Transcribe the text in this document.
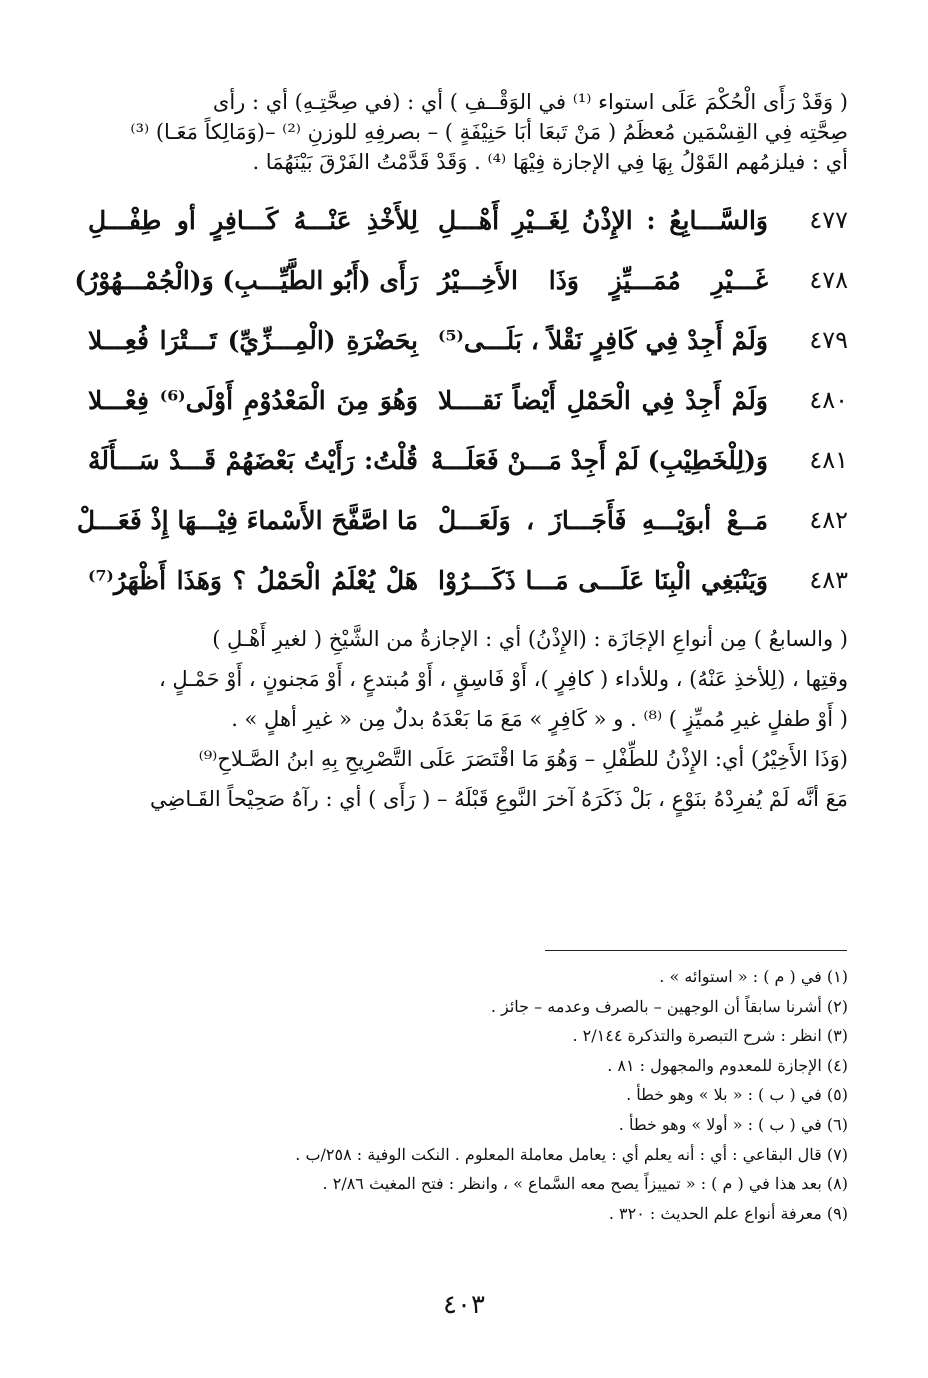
( وَقَدْ رَأَى الْحُكْمَ عَلَى استواء ⁽¹⁾ في الوَقْــفِ ) أي : (في صِحَّتِـهِ) أي : رأى
صِحَّتِه فِي القِسْمَين مُعظَمُ ( مَنْ تَبعَا أبَا حَنِيْفَةٍ ) – بصرفِهِ للوزنِ ⁽²⁾ –(وَمَالِكاً مَعَـا) ⁽³⁾
أي : فيلزمُهم القَوْلُ بِهَا فِي الإجازة فِيْهَا ⁽⁴⁾ . وَقَدْ قَدَّمْتُ الفَرْقَ بَيْنَهُمَا .
٤٧٧
وَالسَّـــابِعُ : الإِذْنُ لِغَــيْرِ أَهْـــلِ
لِلأَخْذِ عَنْـــهُ كَـــافِرٍ أو طِفْـــلِ
٤٧٨
غَـــيْرِ مُمَـــيِّزٍ وَذَا الأَخِـــيْرُ
رَأَى (أَبُو الطَّيِّـــبِ) وَ(الْجُمْـــهُوْرُ)
٤٧٩
وَلَمْ أَجِدْ فِي كَافِرٍ نَقْلاً ، بَلَـــى⁽⁵⁾
بِحَضْرَةِ (الْمِـــزِّيِّ) تَـــتْرَا فُعِـــلا
٤٨٠
وَلَمْ أَجِدْ فِي الْحَمْلِ أَيْضاً نَقــــلا
وَهُوَ مِنَ الْمَعْدُوْمِ أَوْلَى⁽⁶⁾ فِعْـــلا
٤٨١
وَ(لِلْخَطِيْبِ) لَمْ أَجِدْ مَـــنْ فَعَلَـــهْ
قُلْتُ: رَأَيْتُ بَعْضَهُمْ قَـــدْ سَـــأَلَهْ
٤٨٢
مَــعْ أبوَيْـــهِ فَأَجَـــازَ ، وَلَعَـــلْ
مَا اصَّفَّحَ الأَسْماءَ فِيْـــهَا إِذْ فَعَـــلْ
٤٨٣
وَيَنْبَغِي الْبِنَا عَلَـــى مَـــا ذَكَـــرُوْا
هَلْ يُعْلَمُ الْحَمْلُ ؟ وَهَذَا أَظْهَرُ⁽⁷⁾
( والسابعُ ) مِن أنواعِ الإجَازَة : (الإِذْنُ) أي : الإجازةُ من الشَّيْخِ ( لغيرِ أَهْـلِ )
وقتِها ، (لِلأخذِ عَنْهُ) ، وللأداء ( كافِرٍ )، أَوْ فَاسِقٍ ، أَوْ مُبتدعٍ ، أَوْ مَجنونٍ ، أَوْ حَمْـلٍ ،
( أَوْ طفلٍ غيرِ مُميِّزٍ ) ⁽⁸⁾ . و « كَافِرٍ » مَعَ مَا بَعْدَهُ بدلٌ مِن « غيرِ أهلٍ » .
(وَذَا الأَخِيْرُ) أي: الإِذْنُ للطِّفْلِ – وَهُوَ مَا اقْتَصَرَ عَلَى التَّصْرِيحِ بِهِ ابنُ الصَّـلاحِ⁽⁹⁾
مَعَ أنَّه لَمْ يُفرِدْهُ بنَوْعٍ ، بَلْ ذَكَرَهُ آخرَ النَّوعِ قَبْلَهُ – ( رَأَى ) أي : رآهُ صَحِيْحاً القَـاضِي
(١) في ( م ) : « استوائه » .
(٢) أشرنا سابقاً أن الوجهين – بالصرف وعدمه – جائز .
(٣) انظر : شرح التبصرة والتذكرة ٢/١٤٤ .
(٤) الإجازة للمعدوم والمجهول : ٨١ .
(٥) في ( ب ) : « بلا » وهو خطأ .
(٦) في ( ب ) : « أولا » وهو خطأ .
(٧) قال البقاعي : أي : أنه يعلم أي : يعامل معاملة المعلوم . النكت الوفية : ٢٥٨/ب .
(٨) بعد هذا في ( م ) : « تمييزاً يصح معه السَّماع » ، وانظر : فتح المغيث ٢/٨٦ .
(٩) معرفة أنواع علم الحديث : ٣٢٠ .
٤٠٣
